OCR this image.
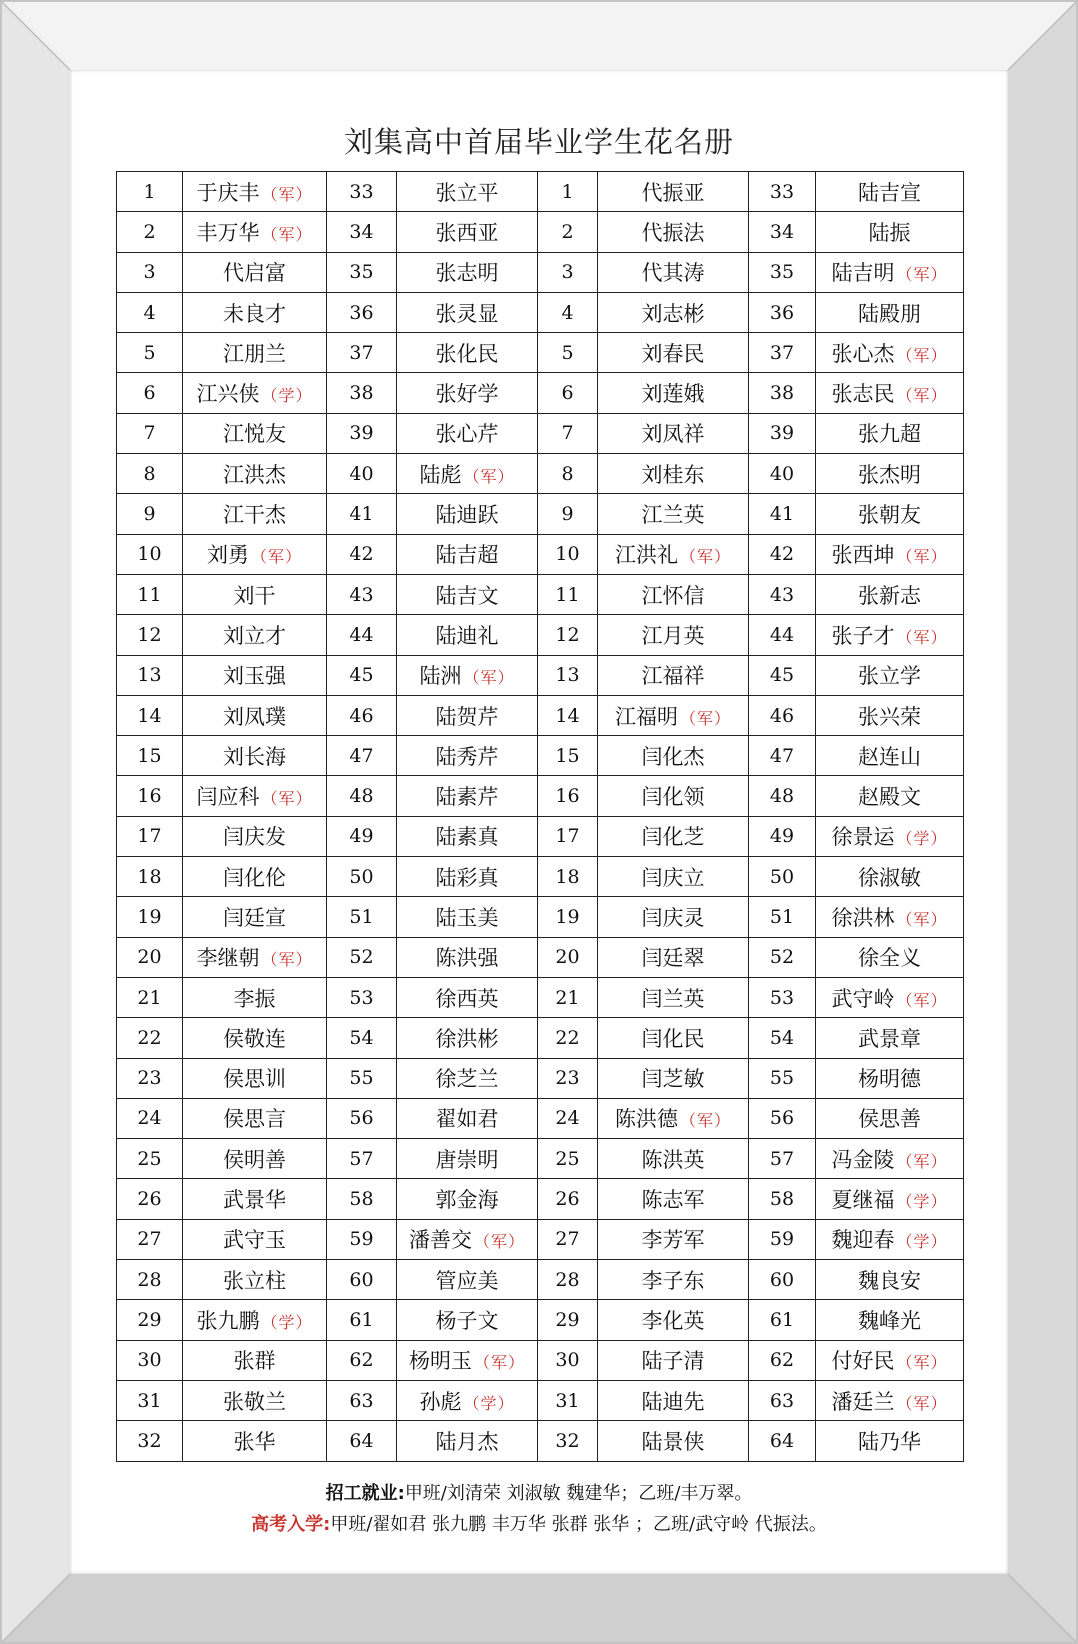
刘集高中首届毕业学生花名册
1	于庆丰 （军）	33	张立平	1	代振亚	33	陆吉宣
2	丰万华 （军）	34	张西亚	2	代振法	34	陆振
3	代启富	35	张志明	3	代其涛	35	陆吉明 （军）
4	未良才	36	张灵显	4	刘志彬	36	陆殿朋
5	江朋兰	37	张化民	5	刘春民	37	张心杰 （军）
6	江兴侠 （学）	38	张好学	6	刘莲娥	38	张志民 （军）
7	江悦友	39	张心芹	7	刘凤祥	39	张九超
8	江洪杰	40	陆彪 （军）	8	刘桂东	40	张杰明
9	江干杰	41	陆迪跃	9	江兰英	41	张朝友
10	刘勇 （军）	42	陆吉超	10	江洪礼 （军）	42	张西坤 （军）
11	刘干	43	陆吉文	11	江怀信	43	张新志
12	刘立才	44	陆迪礼	12	江月英	44	张子才 （军）
13	刘玉强	45	陆洲 （军）	13	江福祥	45	张立学
14	刘凤璞	46	陆贺芹	14	江福明 （军）	46	张兴荣
15	刘长海	47	陆秀芹	15	闫化杰	47	赵连山
16	闫应科 （军）	48	陆素芹	16	闫化领	48	赵殿文
17	闫庆发	49	陆素真	17	闫化芝	49	徐景运 （学）
18	闫化伦	50	陆彩真	18	闫庆立	50	徐淑敏
19	闫廷宣	51	陆玉美	19	闫庆灵	51	徐洪林 （军）
20	李继朝 （军）	52	陈洪强	20	闫廷翠	52	徐全义
21	李振	53	徐西英	21	闫兰英	53	武守岭 （军）
22	侯敬连	54	徐洪彬	22	闫化民	54	武景章
23	侯思训	55	徐芝兰	23	闫芝敏	55	杨明德
24	侯思言	56	翟如君	24	陈洪德 （军）	56	侯思善
25	侯明善	57	唐崇明	25	陈洪英	57	冯金陵 （军）
26	武景华	58	郭金海	26	陈志军	58	夏继福 （学）
27	武守玉	59	潘善交 （军）	27	李芳军	59	魏迎春 （学）
28	张立柱	60	管应美	28	李子东	60	魏良安
29	张九鹏 （学）	61	杨子文	29	李化英	61	魏峰光
30	张群	62	杨明玉 （军）	30	陆子清	62	付好民 （军）
31	张敬兰	63	孙彪 （学）	31	陆迪先	63	潘廷兰 （军）
32	张华	64	陆月杰	32	陆景侠	64	陆乃华
招工就业:甲班/刘清荣 刘淑敏 魏建华；乙班/丰万翠。
高考入学:甲班/翟如君 张九鹏 丰万华 张群 张华 ；乙班/武守岭 代振法。
